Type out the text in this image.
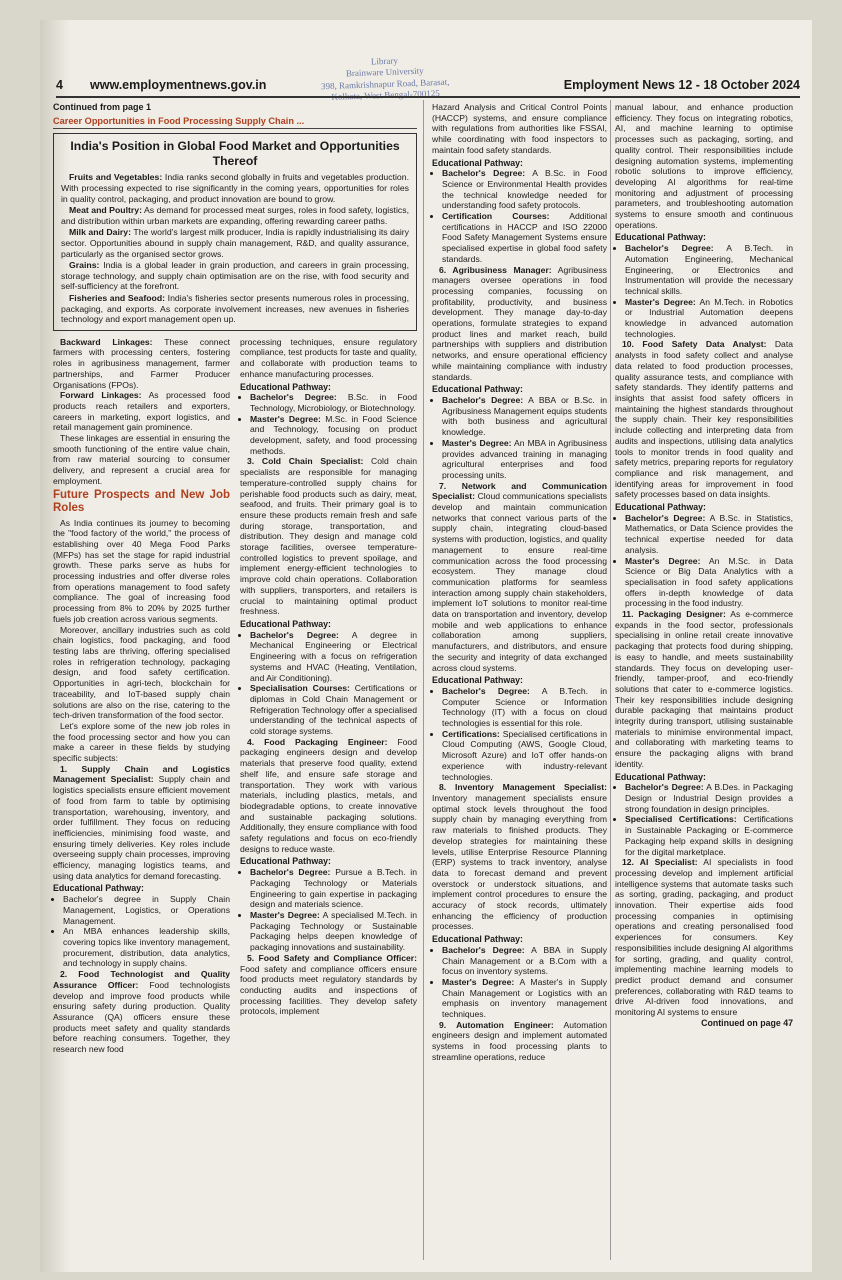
Library
Brainware University
398, Ramkrishnapur Road, Barasat,
Kolkata, West Bengal-700125
4 www.employmentnews.gov.in	Employment News 12 - 18 October 2024

Continued from page 1

Career Opportunities in Food Processing Supply Chain ...

India's Position in Global Food Market and Opportunities Thereof

Fruits and Vegetables: India ranks second globally in fruits and vegetables production. With processing expected to rise significantly in the coming years, opportunities for roles in quality control, packaging, and product innovation are bound to grow.

Meat and Poultry: As demand for processed meat surges, roles in food safety, logistics, and distribution within urban markets are expanding, offering rewarding career paths.

Milk and Dairy: The world's largest milk producer, India is rapidly industrialising its dairy sector. Opportunities abound in supply chain management, R&D, and quality assurance, particularly as the organised sector grows.

Grains: India is a global leader in grain production, and careers in grain processing, storage technology, and supply chain optimisation are on the rise, with food security and self-sufficiency at the forefront.

Fisheries and Seafood: India's fisheries sector presents numerous roles in processing, packaging, and exports. As corporate involvement increases, new avenues in fisheries technology and export management open up.

Backward Linkages: These connect farmers with processing centers, fostering roles in agribusiness management, farmer partnerships, and Farmer Producer Organisations (FPOs).

Forward Linkages: As processed food products reach retailers and exporters, careers in marketing, export logistics, and retail management gain prominence.

These linkages are essential in ensuring the smooth functioning of the entire value chain, from raw material sourcing to consumer delivery, and represent a crucial area for employment.

Future Prospects and New Job Roles

As India continues its journey to becoming the "food factory of the world," the process of establishing over 40 Mega Food Parks (MFPs) has set the stage for rapid industrial growth. These parks serve as hubs for processing industries and offer diverse roles from operations management to food safety compliance. The goal of increasing food processing from 8% to 20% by 2025 further fuels job creation across various segments.

Moreover, ancillary industries such as cold chain logistics, food packaging, and food testing labs are thriving, offering specialised roles in refrigeration technology, packaging design, and food safety certification. Opportunities in agri-tech, blockchain for traceability, and IoT-based supply chain solutions are also on the rise, catering to the tech-driven transformation of the food sector.

Let's explore some of the new job roles in the food processing sector and how you can make a career in these fields by studying specific subjects:

1. Supply Chain and Logistics Management Specialist: Supply chain and logistics specialists ensure efficient movement of food from farm to table by optimising transportation, warehousing, inventory, and order fulfillment. They focus on reducing inefficiencies, minimising food waste, and ensuring timely deliveries. Key roles include overseeing supply chain processes, improving efficiency, managing logistics teams, and using data analytics for demand forecasting.

Educational Pathway:
• Bachelor's degree in Supply Chain Management, Logistics, or Operations Management.
• An MBA enhances leadership skills, covering topics like inventory management, procurement, distribution, data analytics, and technology in supply chains.

2. Food Technologist and Quality Assurance Officer: Food technologists develop and improve food products while ensuring safety during production. Quality Assurance (QA) officers ensure these products meet safety and quality standards before reaching consumers. Together, they research new food

processing techniques, ensure regulatory compliance, test products for taste and quality, and collaborate with production teams to enhance manufacturing processes.

Educational Pathway:
• Bachelor's Degree: B.Sc. in Food Technology, Microbiology, or Biotechnology.
• Master's Degree: M.Sc. in Food Science and Technology, focusing on product development, safety, and food processing methods.

3. Cold Chain Specialist: Cold chain specialists are responsible for managing temperature-controlled supply chains for perishable food products such as dairy, meat, seafood, and fruits. Their primary goal is to ensure these products remain fresh and safe during storage, transportation, and distribution. They design and manage cold storage facilities, oversee temperature-controlled logistics to prevent spoilage, and implement energy-efficient technologies to improve cold chain operations. Collaboration with suppliers, transporters, and retailers is crucial to maintaining optimal product freshness.

Educational Pathway:
• Bachelor's Degree: A degree in Mechanical Engineering or Electrical Engineering with a focus on refrigeration systems and HVAC (Heating, Ventilation, and Air Conditioning).
• Specialisation Courses: Certifications or diplomas in Cold Chain Management or Refrigeration Technology offer a specialised understanding of the technical aspects of cold storage systems.

4. Food Packaging Engineer: Food packaging engineers design and develop materials that preserve food quality, extend shelf life, and ensure safe storage and transportation. They work with various materials, including plastics, metals, and biodegradable options, to create innovative and sustainable packaging solutions. Additionally, they ensure compliance with food safety regulations and focus on eco-friendly designs to reduce waste.

Educational Pathway:
• Bachelor's Degree: Pursue a B.Tech. in Packaging Technology or Materials Engineering to gain expertise in packaging design and materials science.
• Master's Degree: A specialised M.Tech. in Packaging Technology or Sustainable Packaging helps deepen knowledge of packaging innovations and sustainability.

5. Food Safety and Compliance Officer: Food safety and compliance officers ensure food products meet regulatory standards by conducting audits and inspections of processing facilities. They develop safety protocols, implement

Hazard Analysis and Critical Control Points (HACCP) systems, and ensure compliance with regulations from authorities like FSSAI, while coordinating with food inspectors to maintain food safety standards.

Educational Pathway:
• Bachelor's Degree: A B.Sc. in Food Science or Environmental Health provides the technical knowledge needed for understanding food safety protocols.
• Certification Courses: Additional certifications in HACCP and ISO 22000 Food Safety Management Systems ensure specialised expertise in global food safety standards.

6. Agribusiness Manager: Agribusiness managers oversee operations in food processing companies, focussing on profitability, productivity, and business development. They manage day-to-day operations, formulate strategies to expand product lines and market reach, build partnerships with suppliers and distribution networks, and ensure operational efficiency while maintaining compliance with industry standards.

Educational Pathway:
• Bachelor's Degree: A BBA or B.Sc. in Agribusiness Management equips students with both business and agricultural knowledge.
• Master's Degree: An MBA in Agribusiness provides advanced training in managing agricultural enterprises and food processing units.

7. Network and Communication Specialist: Cloud communications specialists develop and maintain communication networks that connect various parts of the supply chain, integrating cloud-based systems with production, logistics, and quality management to ensure real-time communication across the food processing ecosystem. They manage cloud communication platforms for seamless interaction among supply chain stakeholders, implement IoT solutions to monitor real-time data on transportation and inventory, develop mobile and web applications to enhance collaboration among suppliers, manufacturers, and distributors, and ensure the security and integrity of data exchanged across cloud systems.

Educational Pathway:
• Bachelor's Degree: A B.Tech. in Computer Science or Information Technology (IT) with a focus on cloud technologies is essential for this role.
• Certifications: Specialised certifications in Cloud Computing (AWS, Google Cloud, Microsoft Azure) and IoT offer hands-on experience with industry-relevant technologies.

8. Inventory Management Specialist: Inventory management specialists ensure optimal stock levels throughout the food supply chain by managing everything from raw materials to finished products. They develop strategies for maintaining these levels, utilise Enterprise Resource Planning (ERP) systems to track inventory, analyse data to forecast demand and prevent overstock or understock situations, and implement control procedures to ensure the accuracy of stock records, ultimately enhancing the efficiency of production processes.

Educational Pathway:
• Bachelor's Degree: A BBA in Supply Chain Management or a B.Com with a focus on inventory systems.
• Master's Degree: A Master's in Supply Chain Management or Logistics with an emphasis on inventory management techniques.

9. Automation Engineer: Automation engineers design and implement automated systems in food processing plants to streamline operations, reduce

manual labour, and enhance production efficiency. They focus on integrating robotics, AI, and machine learning to optimise processes such as packaging, sorting, and quality control. Their responsibilities include designing automation systems, implementing robotic solutions to improve efficiency, developing AI algorithms for real-time monitoring and adjustment of processing parameters, and troubleshooting automation systems to ensure smooth and continuous operations.

Educational Pathway:
• Bachelor's Degree: A B.Tech. in Automation Engineering, Mechanical Engineering, or Electronics and Instrumentation will provide the necessary technical skills.
• Master's Degree: An M.Tech. in Robotics or Industrial Automation deepens knowledge in advanced automation technologies.

10. Food Safety Data Analyst: Data analysts in food safety collect and analyse data related to food production processes, quality assurance tests, and compliance with safety standards. They identify patterns and insights that assist food safety officers in maintaining the highest standards throughout the supply chain. Their key responsibilities include collecting and interpreting data from audits and inspections, utilising data analytics tools to monitor trends in food quality and safety metrics, preparing reports for regulatory compliance and risk management, and identifying areas for improvement in food safety processes based on data insights.

Educational Pathway:
• Bachelor's Degree: A B.Sc. in Statistics, Mathematics, or Data Science provides the technical expertise needed for data analysis.
• Master's Degree: An M.Sc. in Data Science or Big Data Analytics with a specialisation in food safety applications offers in-depth knowledge of data processing in the food industry.

11. Packaging Designer: As e-commerce expands in the food sector, professionals specialising in online retail create innovative packaging that protects food during shipping, is easy to handle, and meets sustainability standards. They focus on developing user-friendly, tamper-proof, and eco-friendly solutions that cater to e-commerce logistics. Their key responsibilities include designing durable packaging that maintains product integrity during transport, utilising sustainable materials to minimise environmental impact, and collaborating with marketing teams to ensure the packaging aligns with brand identity.

Educational Pathway:
• Bachelor's Degree: A B.Des. in Packaging Design or Industrial Design provides a strong foundation in design principles.
• Specialised Certifications: Certifications in Sustainable Packaging or E-commerce Packaging help expand skills in designing for the digital marketplace.

12. AI Specialist: AI specialists in food processing develop and implement artificial intelligence systems that automate tasks such as sorting, grading, packaging, and product innovation. Their expertise aids food processing companies in optimising operations and creating personalised food experiences for consumers. Key responsibilities include designing AI algorithms for sorting, grading, and quality control, implementing machine learning models to predict product demand and consumer preferences, collaborating with R&D teams to drive AI-driven food innovations, and monitoring AI systems to ensure

Continued on page 47
